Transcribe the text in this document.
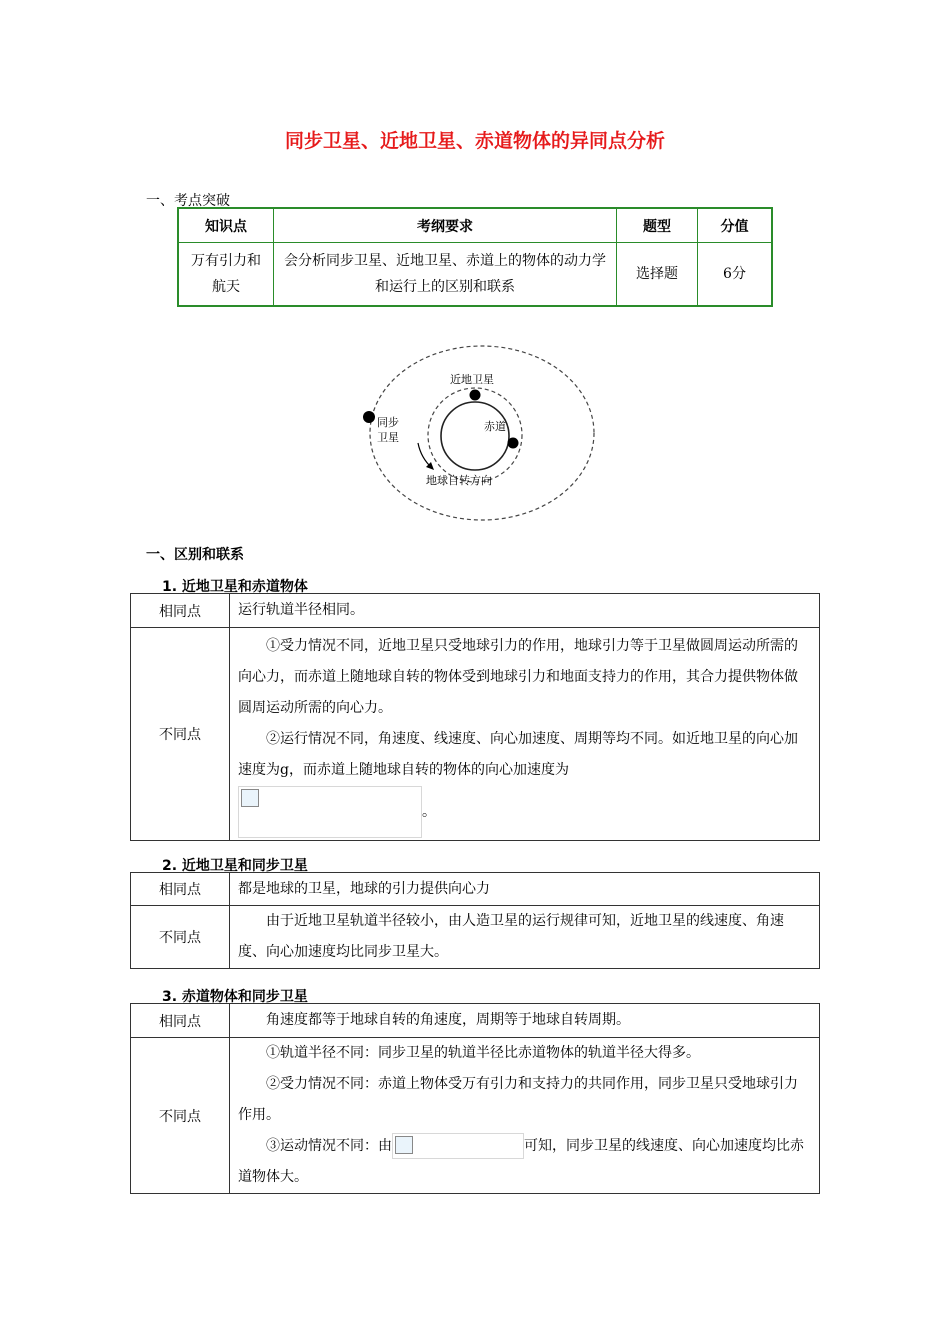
同步卫星、近地卫星、赤道物体的异同点分析
一、考点突破
知识点	考纲要求	题型	分值
万有引力和航天	会分析同步卫星、近地卫星、赤道上的物体的动力学和运行上的区别和联系	选择题	6分
近地卫星
同步
卫星
赤道
地球自转方向
一、区别和联系
1. 近地卫星和赤道物体
相同点	运行轨道半径相同。
不同点	①受力情况不同，近地卫星只受地球引力的作用，地球引力等于卫星做圆周运动所需的向心力，而赤道上随地球自转的物体受到地球引力和地面支持力的作用，其合力提供物体做圆周运动所需的向心力。
②运行情况不同，角速度、线速度、向心加速度、周期等均不同。如近地卫星的向心加速度为g，而赤道上随地球自转的物体的向心加速度为
。
2. 近地卫星和同步卫星
相同点	都是地球的卫星，地球的引力提供向心力
不同点	由于近地卫星轨道半径较小，由人造卫星的运行规律可知，近地卫星的线速度、角速度、向心加速度均比同步卫星大。
3. 赤道物体和同步卫星
相同点	角速度都等于地球自转的角速度，周期等于地球自转周期。
不同点	①轨道半径不同：同步卫星的轨道半径比赤道物体的轨道半径大得多。
②受力情况不同：赤道上物体受万有引力和支持力的共同作用，同步卫星只受地球引力作用。
③运动情况不同：由 可知，同步卫星的线速度、向心加速度均比赤道物体大。
